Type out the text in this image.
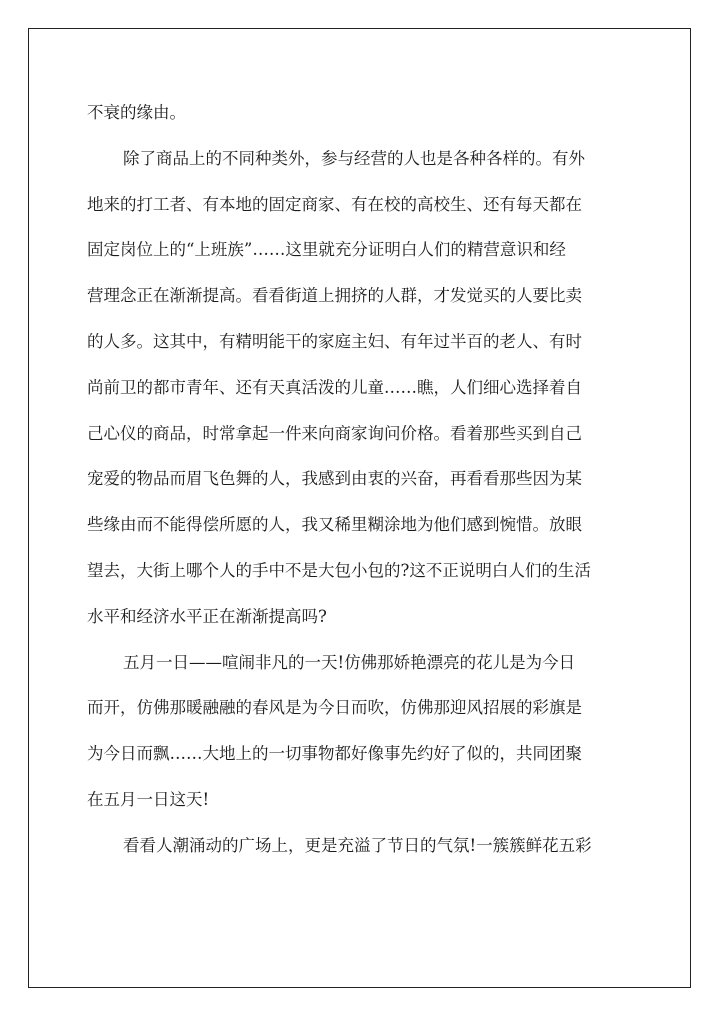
不衰的缘由。
除了商品上的不同种类外，参与经营的人也是各种各样的。有外
地来的打工者、有本地的固定商家、有在校的高校生、还有每天都在
固定岗位上的“上班族”……这里就充分证明白人们的精营意识和经
营理念正在渐渐提高。看看街道上拥挤的人群，才发觉买的人要比卖
的人多。这其中，有精明能干的家庭主妇、有年过半百的老人、有时
尚前卫的都市青年、还有天真活泼的儿童……瞧，人们细心选择着自
己心仪的商品，时常拿起一件来向商家询问价格。看着那些买到自己
宠爱的物品而眉飞色舞的人，我感到由衷的兴奋，再看看那些因为某
些缘由而不能得偿所愿的人，我又稀里糊涂地为他们感到惋惜。放眼
望去，大街上哪个人的手中不是大包小包的?这不正说明白人们的生活
水平和经济水平正在渐渐提高吗?
五月一日——喧闹非凡的一天!仿佛那娇艳漂亮的花儿是为今日
而开，仿佛那暖融融的春风是为今日而吹，仿佛那迎风招展的彩旗是
为今日而飘……大地上的一切事物都好像事先约好了似的，共同团聚
在五月一日这天!
看看人潮涌动的广场上，更是充溢了节日的气氛!一簇簇鲜花五彩
